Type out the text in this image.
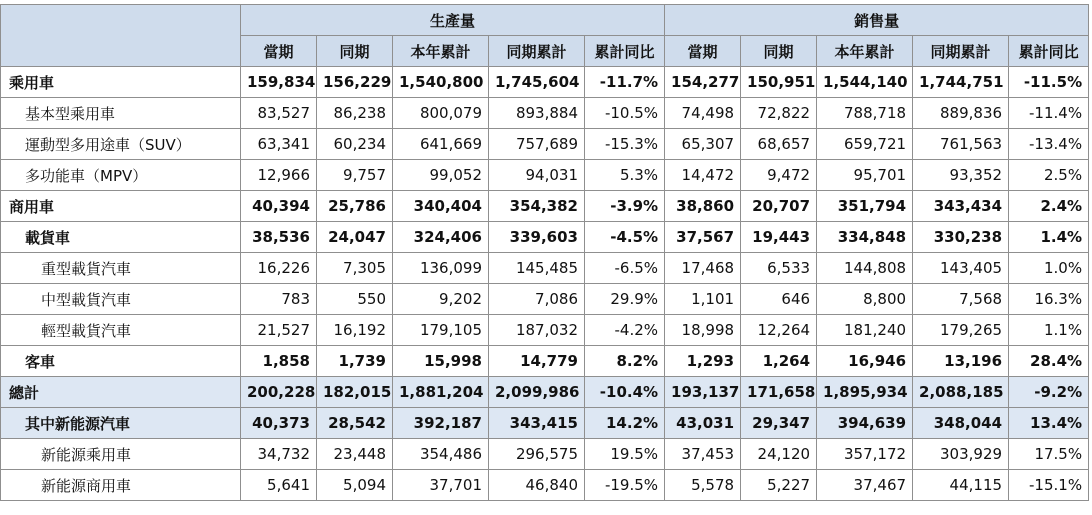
	生產量					銷售量				
	當期	同期	本年累計	同期累計	累計同比	當期	同期	本年累計	同期累計	累計同比
乘用車	159,834	156,229	1,540,800	1,745,604	-11.7%	154,277	150,951	1,544,140	1,744,751	-11.5%
基本型乘用車	83,527	86,238	800,079	893,884	-10.5%	74,498	72,822	788,718	889,836	-11.4%
運動型多用途車（SUV）	63,341	60,234	641,669	757,689	-15.3%	65,307	68,657	659,721	761,563	-13.4%
多功能車（MPV）	12,966	9,757	99,052	94,031	5.3%	14,472	9,472	95,701	93,352	2.5%
商用車	40,394	25,786	340,404	354,382	-3.9%	38,860	20,707	351,794	343,434	2.4%
載貨車	38,536	24,047	324,406	339,603	-4.5%	37,567	19,443	334,848	330,238	1.4%
重型載貨汽車	16,226	7,305	136,099	145,485	-6.5%	17,468	6,533	144,808	143,405	1.0%
中型載貨汽車	783	550	9,202	7,086	29.9%	1,101	646	8,800	7,568	16.3%
輕型載貨汽車	21,527	16,192	179,105	187,032	-4.2%	18,998	12,264	181,240	179,265	1.1%
客車	1,858	1,739	15,998	14,779	8.2%	1,293	1,264	16,946	13,196	28.4%
總計	200,228	182,015	1,881,204	2,099,986	-10.4%	193,137	171,658	1,895,934	2,088,185	-9.2%
其中新能源汽車	40,373	28,542	392,187	343,415	14.2%	43,031	29,347	394,639	348,044	13.4%
新能源乘用車	34,732	23,448	354,486	296,575	19.5%	37,453	24,120	357,172	303,929	17.5%
新能源商用車	5,641	5,094	37,701	46,840	-19.5%	5,578	5,227	37,467	44,115	-15.1%
